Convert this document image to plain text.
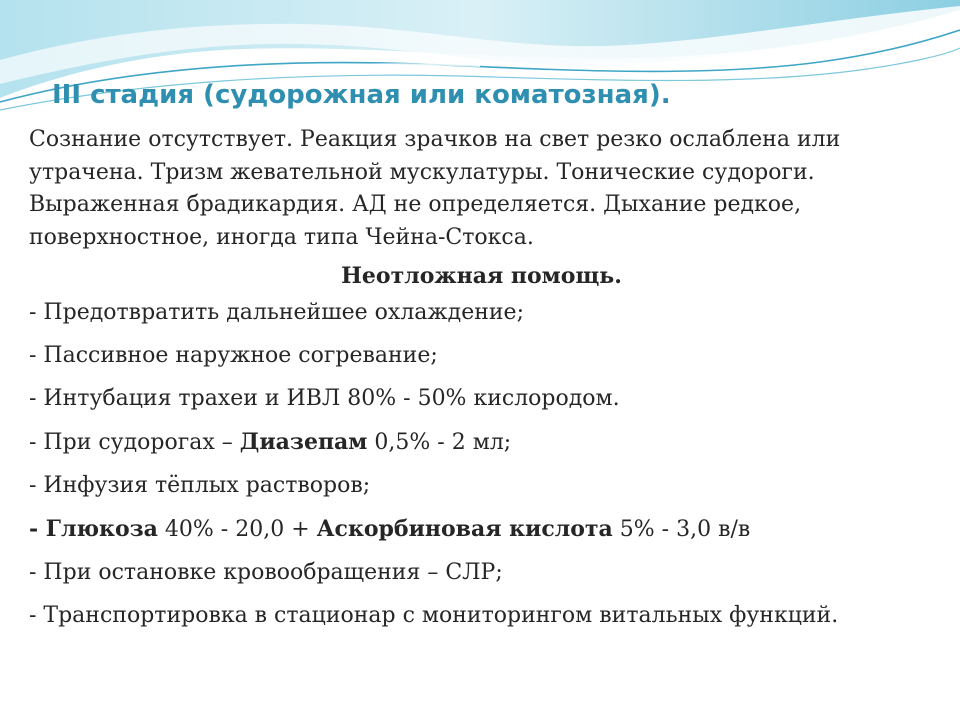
III стадия (судорожная или коматозная).

Сознание отсутствует. Реакция зрачков на свет резко ослаблена или утрачена. Тризм жевательной мускулатуры. Тонические судороги. Выраженная брадикардия. АД не определяется. Дыхание редкое, поверхностное, иногда типа Чейна-Стокса.

Неотложная помощь.

- Предотвратить дальнейшее охлаждение;

- Пассивное наружное согревание;

- Интубация трахеи и ИВЛ 80% - 50% кислородом.

- При судорогах – Диазепам 0,5% - 2 мл;

- Инфузия тёплых растворов;

- Глюкоза 40% - 20,0 + Аскорбиновая кислота 5% - 3,0 в/в

- При остановке кровообращения – СЛР;

- Транспортировка в стационар с мониторингом витальных функций.
